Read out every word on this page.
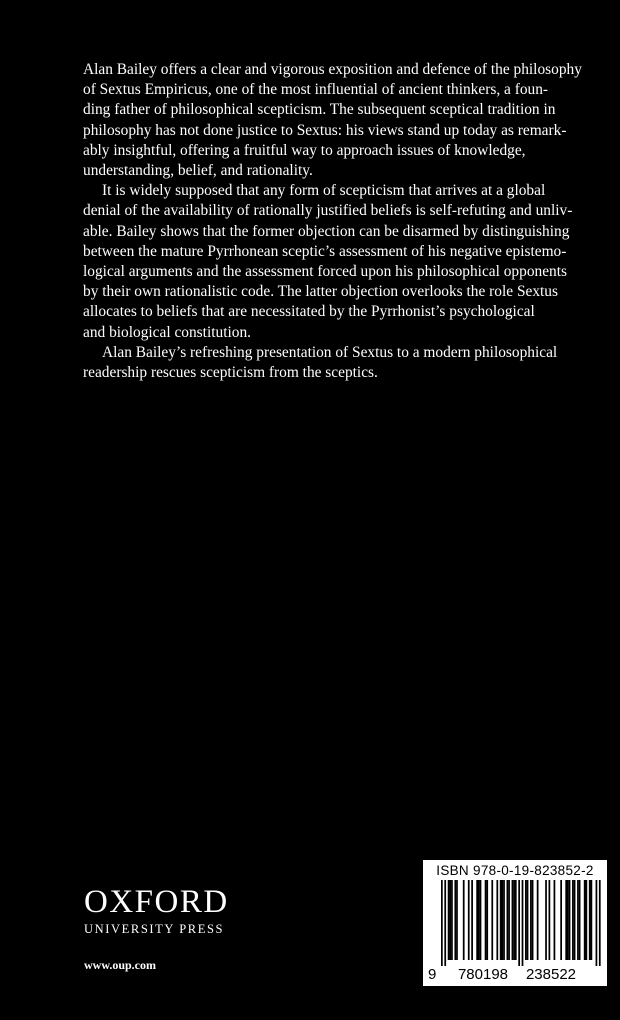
Alan Bailey offers a clear and vigorous exposition and defence of the philosophy
of Sextus Empiricus, one of the most influential of ancient thinkers, a foun-
ding father of philosophical scepticism. The subsequent sceptical tradition in
philosophy has not done justice to Sextus: his views stand up today as remark-
ably insightful, offering a fruitful way to approach issues of knowledge,
understanding, belief, and rationality.
It is widely supposed that any form of scepticism that arrives at a global
denial of the availability of rationally justified beliefs is self-refuting and unliv-
able. Bailey shows that the former objection can be disarmed by distinguishing
between the mature Pyrrhonean sceptic’s assessment of his negative epistemo-
logical arguments and the assessment forced upon his philosophical opponents
by their own rationalistic code. The latter objection overlooks the role Sextus
allocates to beliefs that are necessitated by the Pyrrhonist’s psychological
and biological constitution.
Alan Bailey’s refreshing presentation of Sextus to a modern philosophical
readership rescues scepticism from the sceptics.
OXFORD
UNIVERSITY PRESS
www.oup.com
ISBN 978-0-19-823852-2
9 780198 238522
